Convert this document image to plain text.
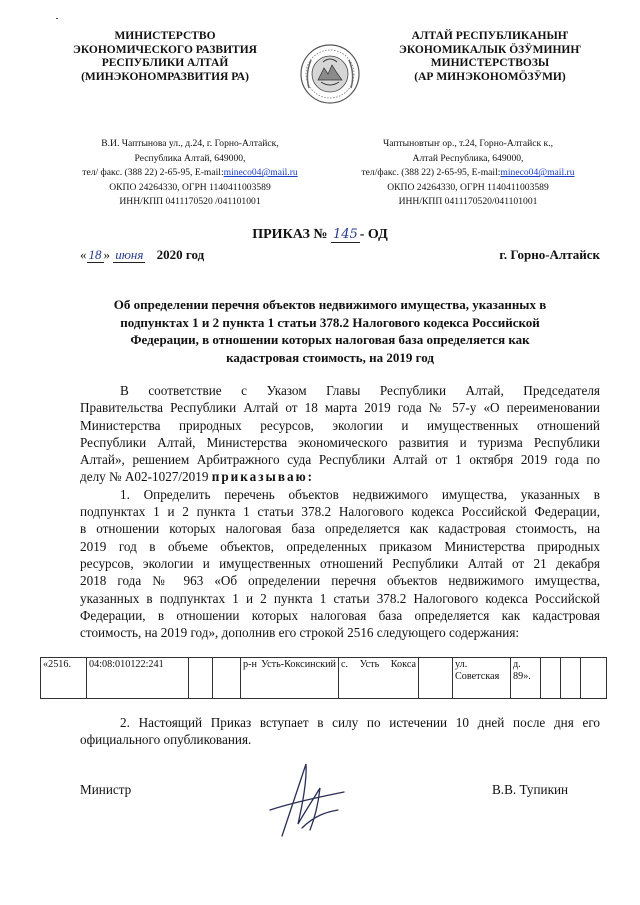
МИНИСТЕРСТВО
ЭКОНОМИЧЕСКОГО РАЗВИТИЯ
РЕСПУБЛИКИ АЛТАЙ
(МИНЭКОНОМРАЗВИТИЯ РА)
АЛТАЙ РЕСПУБЛИКАНЫҤ
ЭКОНОМИКАЛЫК ӦЗӰМИНИҤ
МИНИСТЕРСТВОЗЫ
(АР МИНЭКОНОМӦЗӰМИ)
В.И. Чаптынова ул., д.24, г. Горно-Алтайск,
Республика Алтай, 649000,
тел/ факс. (388 22) 2-65-95, E-mail:mineco04@mail.ru
ОКПО 24264330, ОГРН 1140411003589
ИНН/КПП 0411170520 /041101001
Чаптыновтыҥ ор., т.24, Горно-Алтайск к.,
Алтай Республика, 649000,
тел/факс. (388 22) 2-65-95, E-mail:mineco04@mail.ru
ОКПО 24264330, ОГРН 1140411003589
ИНН/КПП 0411170520/041101001
ПРИКАЗ № 145 - ОД
« 18 » июня 2020 год	г. Горно-Алтайск
Об определении перечня объектов недвижимого имущества, указанных в
подпунктах 1 и 2 пункта 1 статьи 378.2 Налогового кодекса Российской
Федерации, в отношении которых налоговая база определяется как
кадастровая стоимость, на 2019 год
В соответствие с Указом Главы Республики Алтай, Председателя
Правительства Республики Алтай от 18 марта 2019 года № 57-у «О переименовании
Министерства природных ресурсов, экологии и имущественных отношений
Республики Алтай, Министерства экономического развития и туризма Республики
Алтай», решением Арбитражного суда Республики Алтай от 1 октября 2019 года по
делу № А02-1027/2019 приказываю:
1. Определить перечень объектов недвижимого имущества, указанных в
подпунктах 1 и 2 пункта 1 статьи 378.2 Налогового кодекса Российской Федерации,
в отношении которых налоговая база определяется как кадастровая стоимость, на
2019 год в объеме объектов, определенных приказом Министерства природных
ресурсов, экологии и имущественных отношений Республики Алтай от 21 декабря
2018 года № 963 «Об определении перечня объектов недвижимого имущества,
указанных в подпунктах 1 и 2 пункта 1 статьи 378.2 Налогового кодекса Российской
Федерации, в отношении которых налоговая база определяется как кадастровая
стоимость, на 2019 год», дополнив его строкой 2516 следующего содержания:
«2516.	04:08:010122:241			р-н Усть-Коксинский	с. Усть Кокса		ул. Советская	д. 89».			
2. Настоящий Приказ вступает в силу по истечении 10 дней после дня его
официального опубликования.
Министр	В.В. Тупикин
